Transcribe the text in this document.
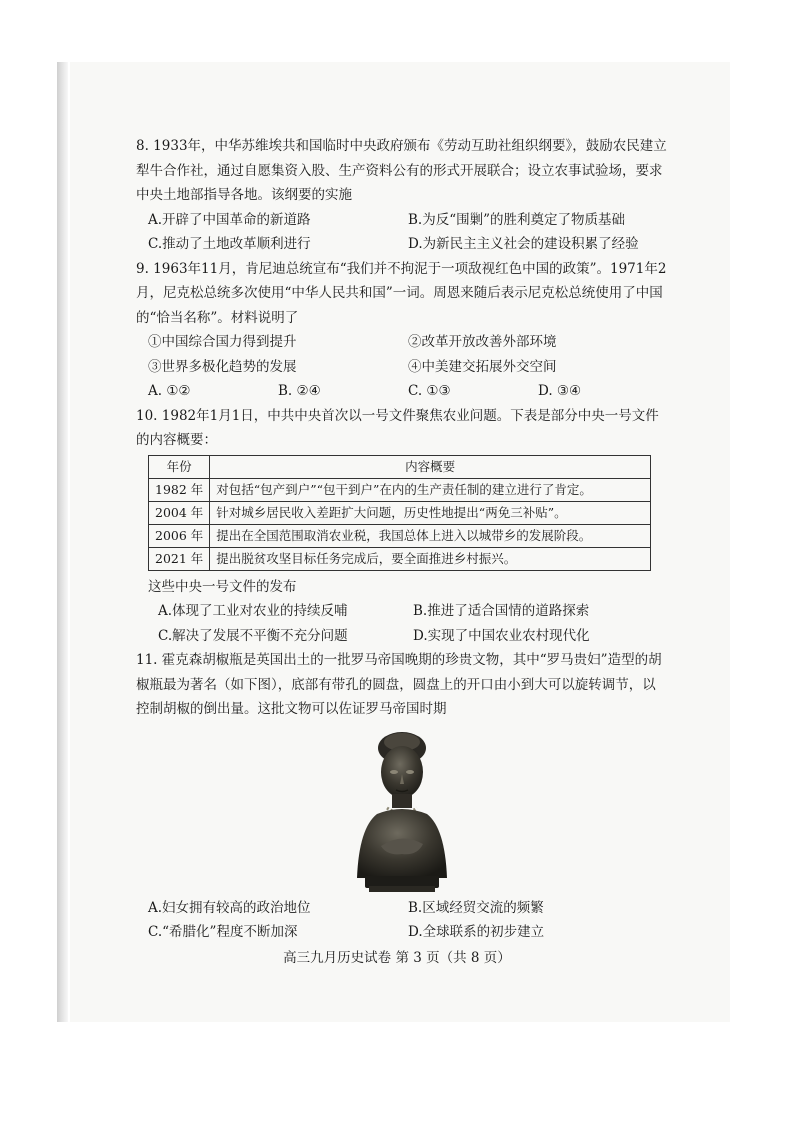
8. 1933年，中华苏维埃共和国临时中央政府颁布《劳动互助社组织纲要》，鼓励农民建立犁牛合作社，通过自愿集资入股、生产资料公有的形式开展联合；设立农事试验场，要求中央土地部指导各地。该纲要的实施

A.开辟了中国革命的新道路	B.为反“围剿”的胜利奠定了物质基础
C.推动了土地改革顺利进行	D.为新民主主义社会的建设积累了经验

9. 1963年11月，肯尼迪总统宣布“我们并不拘泥于一项敌视红色中国的政策”。1971年2月，尼克松总统多次使用“中华人民共和国”一词。周恩来随后表示尼克松总统使用了中国的“恰当名称”。材料说明了

①中国综合国力得到提升	②改革开放改善外部环境
③世界多极化趋势的发展	④中美建交拓展外交空间
A. ①②	B. ②④	C. ①③	D. ③④

10. 1982年1月1日，中共中央首次以一号文件聚焦农业问题。下表是部分中央一号文件的内容概要：

年份	内容概要
1982 年	对包括“包产到户”“包干到户”在内的生产责任制的建立进行了肯定。
2004 年	针对城乡居民收入差距扩大问题，历史性地提出“两免三补贴”。
2006 年	提出在全国范围取消农业税，我国总体上进入以城带乡的发展阶段。
2021 年	提出脱贫攻坚目标任务完成后，要全面推进乡村振兴。

这些中央一号文件的发布

A.体现了工业对农业的持续反哺	B.推进了适合国情的道路探索
C.解决了发展不平衡不充分问题	D.实现了中国农业农村现代化

11. 霍克森胡椒瓶是英国出土的一批罗马帝国晚期的珍贵文物，其中“罗马贵妇”造型的胡椒瓶最为著名（如下图），底部有带孔的圆盘，圆盘上的开口由小到大可以旋转调节，以控制胡椒的倒出量。这批文物可以佐证罗马帝国时期

A.妇女拥有较高的政治地位	B.区域经贸交流的频繁
C.“希腊化”程度不断加深	D.全球联系的初步建立
高三九月历史试卷 第 3 页（共 8 页）
